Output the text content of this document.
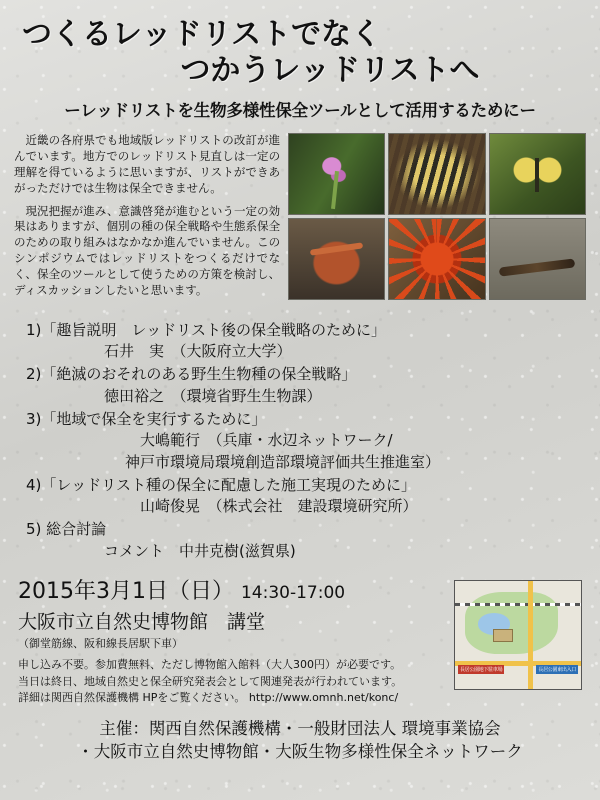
つくるレッドリストでなく
つかうレッドリストへ
ーレッドリストを生物多様性保全ツールとして活用するためにー

近畿の各府県でも地域版レッドリストの改訂が進んでいます。地方でのレッドリスト見直しは一定の理解を得ているように思いますが、リストができあがっただけでは生物は保全できません。

現況把握が進み、意識啓発が進むという一定の効果はありますが、個別の種の保全戦略や生態系保全のための取り組みはなかなか進んでいません。このシンポジウムではレッドリストをつくるだけでなく、保全のツールとして使うための方策を検討し、ディスカッションしたいと思います。

1)「趣旨説明　レッドリスト後の保全戦略のために」
石井　実　（大阪府立大学）
2)「絶滅のおそれのある野生生物種の保全戦略」
徳田裕之　（環境省野生生物課）
3)「地域で保全を実行するために」
大嶋範行　（兵庫・水辺ネットワーク/
神戸市環境局環境創造部環境評価共生推進室）
4)「レッドリスト種の保全に配慮した施工実現のために」
山崎俊晃　（株式会社　建設環境研究所）
5) 総合討論
コメント　中井克樹(滋賀県)
2015年3月1日（日） 14:30-17:00
大阪市立自然史博物館　講堂
（御堂筋線、阪和線長居駅下車）
申し込み不要。参加費無料、ただし博物館入館料（大人300円）が必要です。
当日は終日、地域自然史と保全研究発表会として関連発表が行われています。
詳細は関西自然保護機構 HPをご覧ください。 http://www.omnh.net/konc/
長居公園地下駐車場	長居公園東出入口
主催：関西自然保護機構・一般財団法人 環境事業協会
・大阪市立自然史博物館・大阪生物多様性保全ネットワーク
